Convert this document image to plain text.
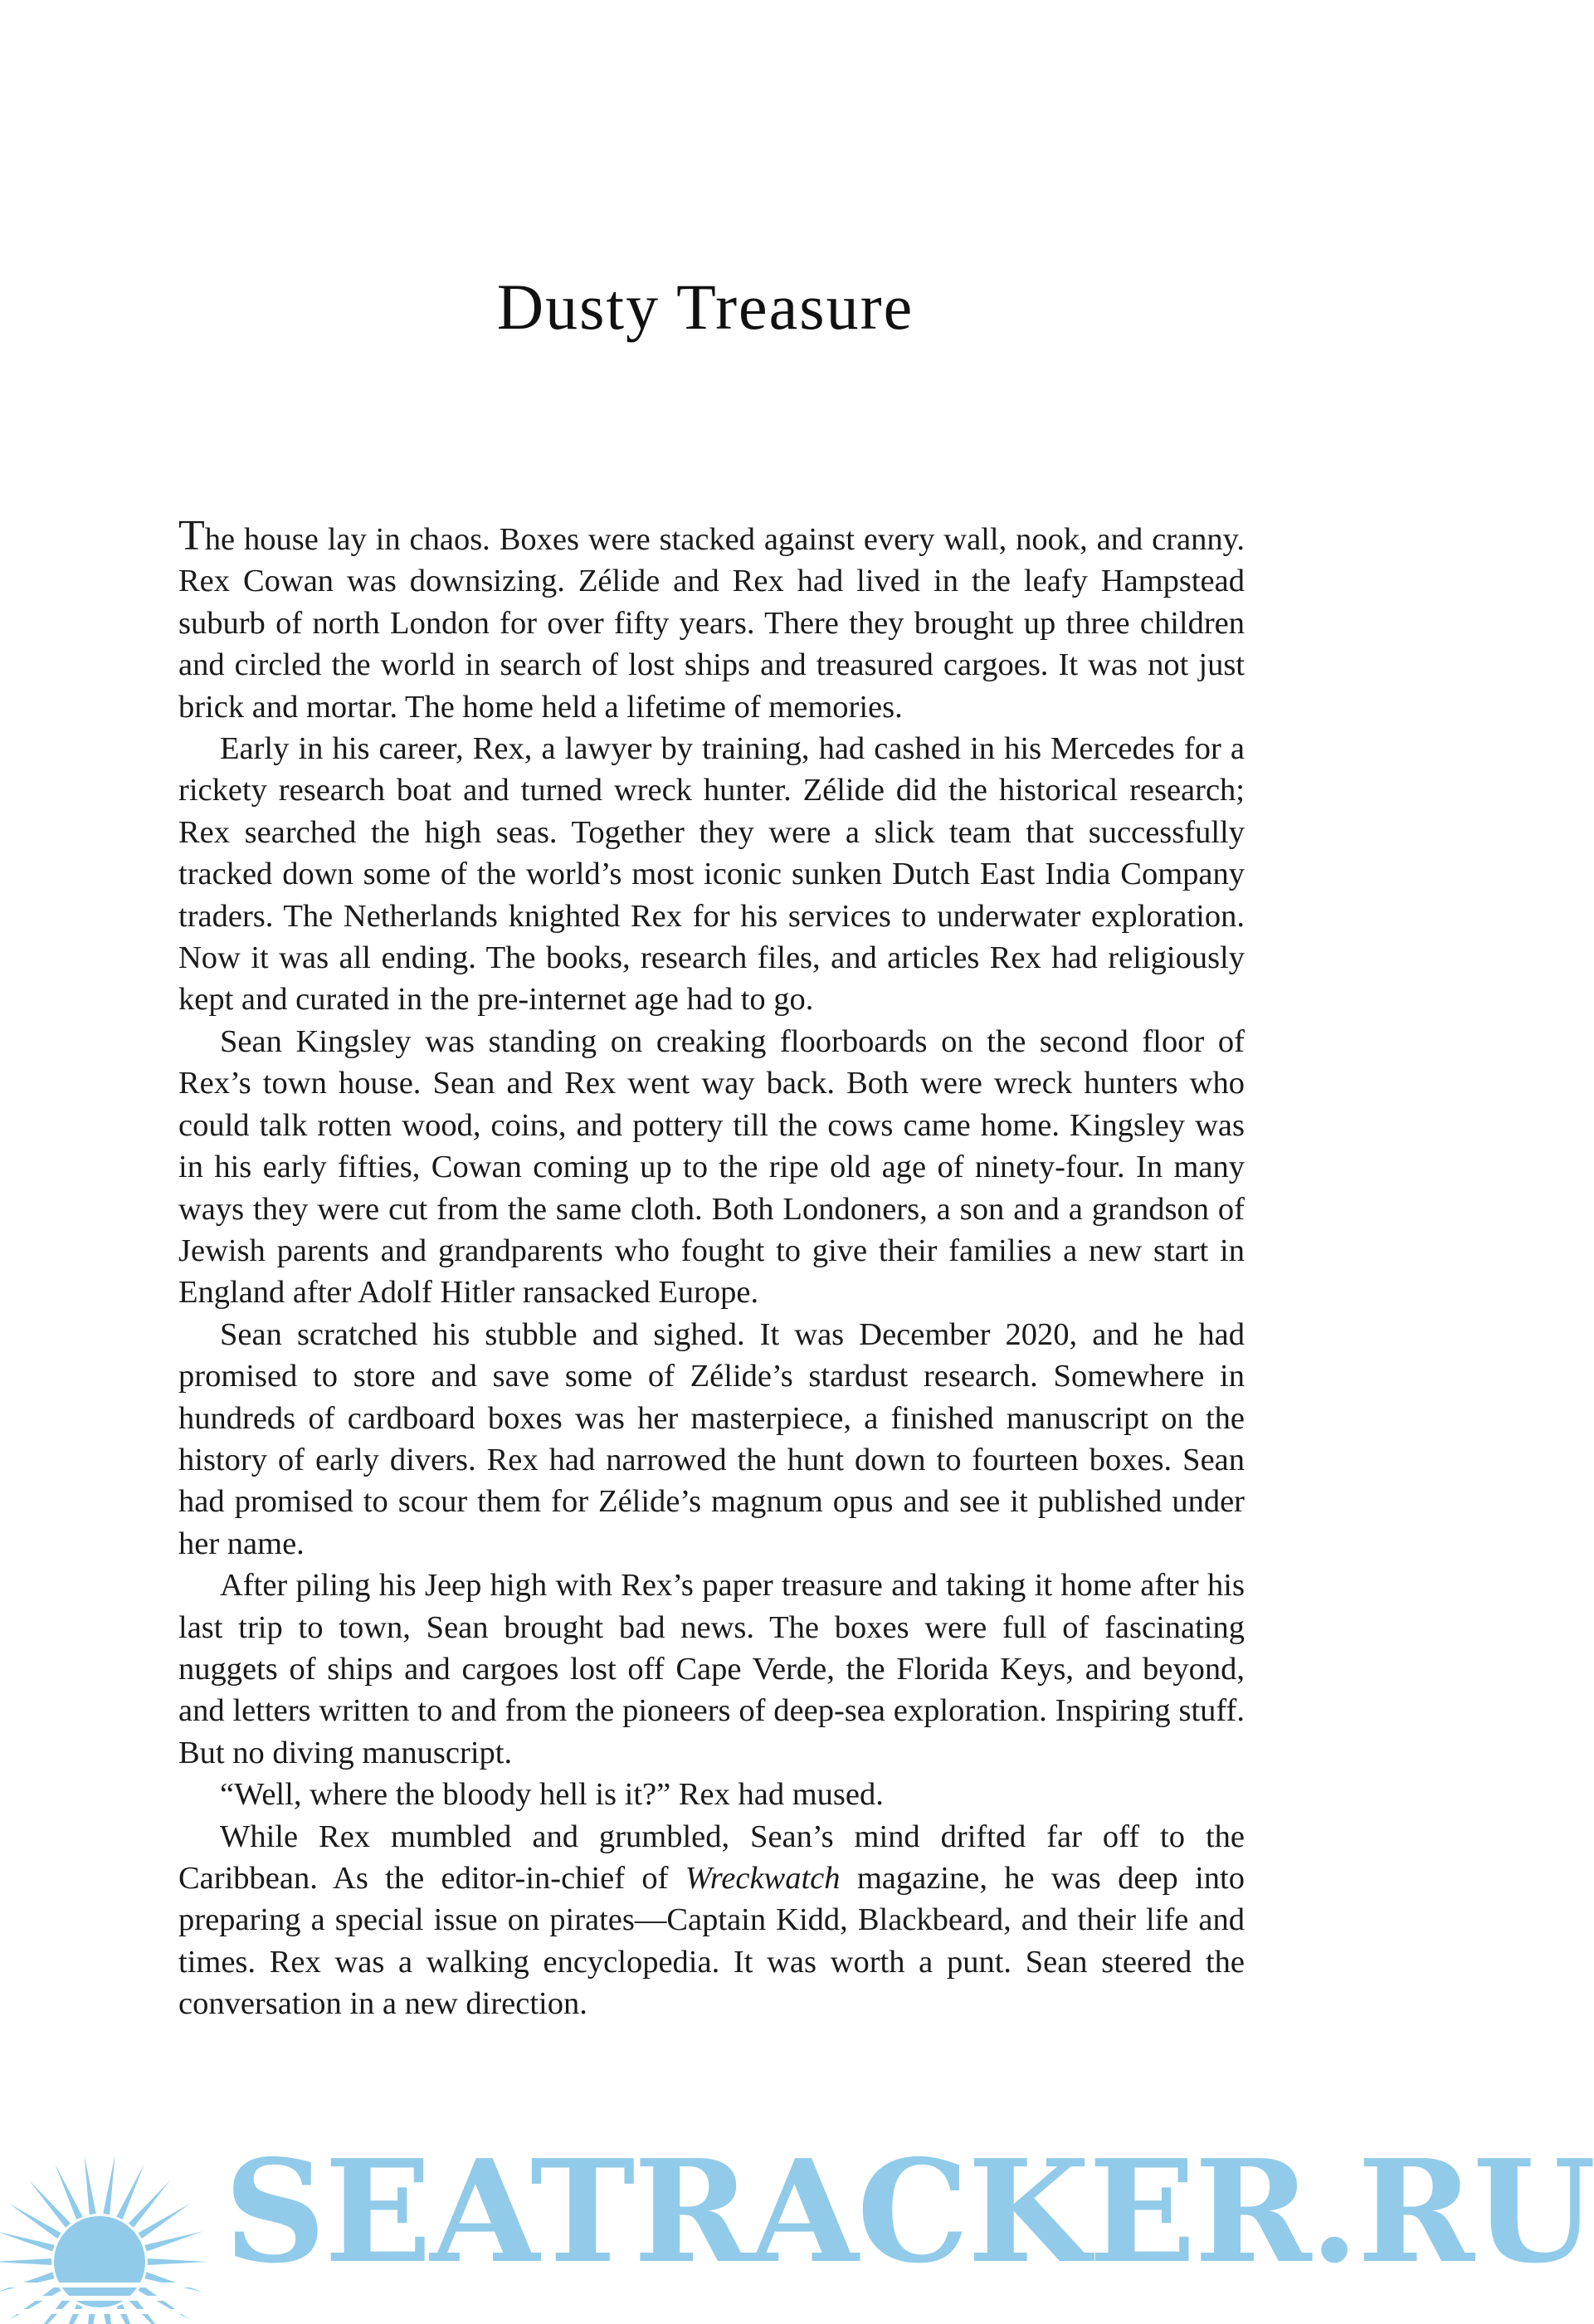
Dusty Treasure

The house lay in chaos. Boxes were stacked against every wall, nook, and cranny. Rex Cowan was downsizing. Zélide and Rex had lived in the leafy Hampstead suburb of north London for over fifty years. There they brought up three children and circled the world in search of lost ships and treasured cargoes. It was not just brick and mortar. The home held a lifetime of memories.

Early in his career, Rex, a lawyer by training, had cashed in his Mercedes for a rickety research boat and turned wreck hunter. Zélide did the historical research; Rex searched the high seas. Together they were a slick team that successfully tracked down some of the world’s most iconic sunken Dutch East India Company traders. The Netherlands knighted Rex for his services to underwater exploration. Now it was all ending. The books, research files, and articles Rex had religiously kept and curated in the pre-internet age had to go.

Sean Kingsley was standing on creaking floorboards on the second floor of Rex’s town house. Sean and Rex went way back. Both were wreck hunters who could talk rotten wood, coins, and pottery till the cows came home. Kingsley was in his early fifties, Cowan coming up to the ripe old age of ninety-four. In many ways they were cut from the same cloth. Both Londoners, a son and a grandson of Jewish parents and grandparents who fought to give their families a new start in England after Adolf Hitler ransacked Europe.

Sean scratched his stubble and sighed. It was December 2020, and he had promised to store and save some of Zélide’s stardust research. Somewhere in hundreds of cardboard boxes was her masterpiece, a finished manuscript on the history of early divers. Rex had narrowed the hunt down to fourteen boxes. Sean had promised to scour them for Zélide’s magnum opus and see it published under her name.

After piling his Jeep high with Rex’s paper treasure and taking it home after his last trip to town, Sean brought bad news. The boxes were full of fascinating nuggets of ships and cargoes lost off Cape Verde, the Florida Keys, and beyond, and letters written to and from the pioneers of deep-sea exploration. Inspiring stuff. But no diving manuscript.

“Well, where the bloody hell is it?” Rex had mused.

While Rex mumbled and grumbled, Sean’s mind drifted far off to the Caribbean. As the editor-in-chief of Wreckwatch magazine, he was deep into preparing a special issue on pirates—Captain Kidd, Blackbeard, and their life and times. Rex was a walking encyclopedia. It was worth a punt. Sean steered the conversation in a new direction.

SEATRACKER.RU
